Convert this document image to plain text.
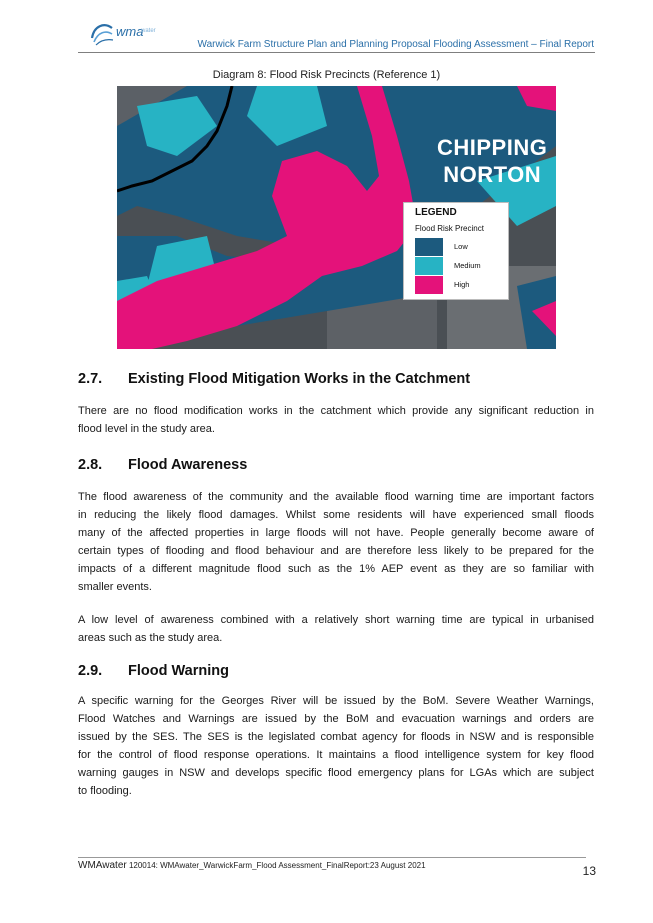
wma
water
Warwick Farm Structure Plan and Planning Proposal Flooding Assessment – Final Report
Diagram 8: Flood Risk Precincts (Reference 1)
CHIPPING
NORTON
LEGEND
Flood Risk Precinct
Low
Medium
High
2.7. Existing Flood Mitigation Works in the Catchment
There are no flood modification works in the catchment which provide any significant reduction in
flood level in the study area.
2.8. Flood Awareness
The flood awareness of the community and the available flood warning time are important factors
in reducing the likely flood damages. Whilst some residents will have experienced small floods
many of the affected properties in large floods will not have. People generally become aware of
certain types of flooding and flood behaviour and are therefore less likely to be prepared for the
impacts of a different magnitude flood such as the 1% AEP event as they are so familiar with
smaller events.
A low level of awareness combined with a relatively short warning time are typical in urbanised
areas such as the study area.
2.9. Flood Warning
A specific warning for the Georges River will be issued by the BoM. Severe Weather Warnings,
Flood Watches and Warnings are issued by the BoM and evacuation warnings and orders are
issued by the SES. The SES is the legislated combat agency for floods in NSW and is responsible
for the control of flood response operations. It maintains a flood intelligence system for key flood
warning gauges in NSW and develops specific flood emergency plans for LGAs which are subject
to flooding.
WMAwater 120014: WMAwater_WarwickFarm_Flood Assessment_FinalReport:23 August 2021	13
